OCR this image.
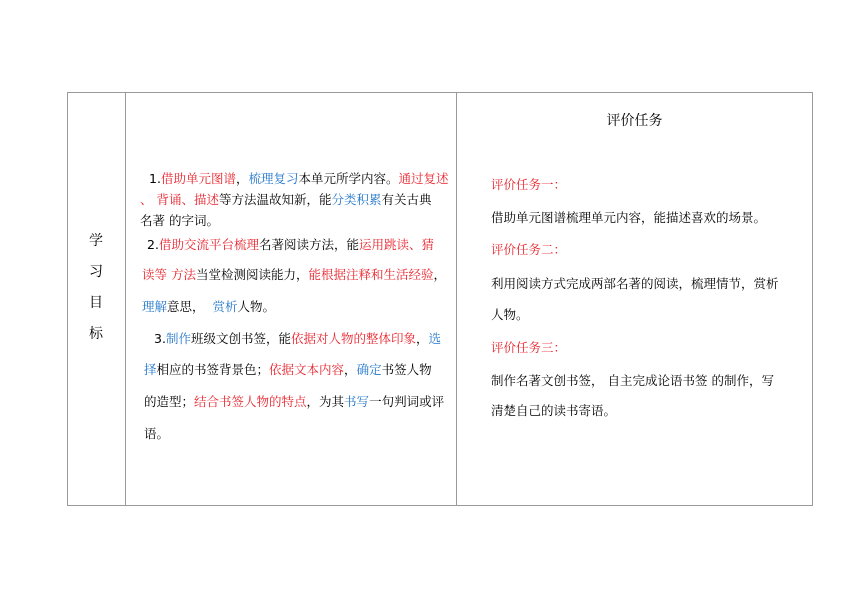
学
习
目
标
1.借助单元图谱，梳理复习本单元所学内容。通过复述
、 背诵、描述等方法温故知新，能分类积累有关古典
名著 的字词。
2.借助交流平台梳理名著阅读方法，能运用跳读、猜
读等 方法当堂检测阅读能力，能根据注释和生活经验，
理解意思， 赏析人物。
3.制作班级文创书签，能依据对人物的整体印象，选
择相应的书签背景色；依据文本内容，确定书签人物
的造型；结合书签人物的特点，为其书写一句判词或评
语。
评价任务
评价任务一：
借助单元图谱梳理单元内容，能描述喜欢的场景。
评价任务二：
利用阅读方式完成两部名著的阅读，梳理情节，赏析
人物。
评价任务三：
制作名著文创书签， 自主完成论语书签 的制作，写
清楚自己的读书寄语。
